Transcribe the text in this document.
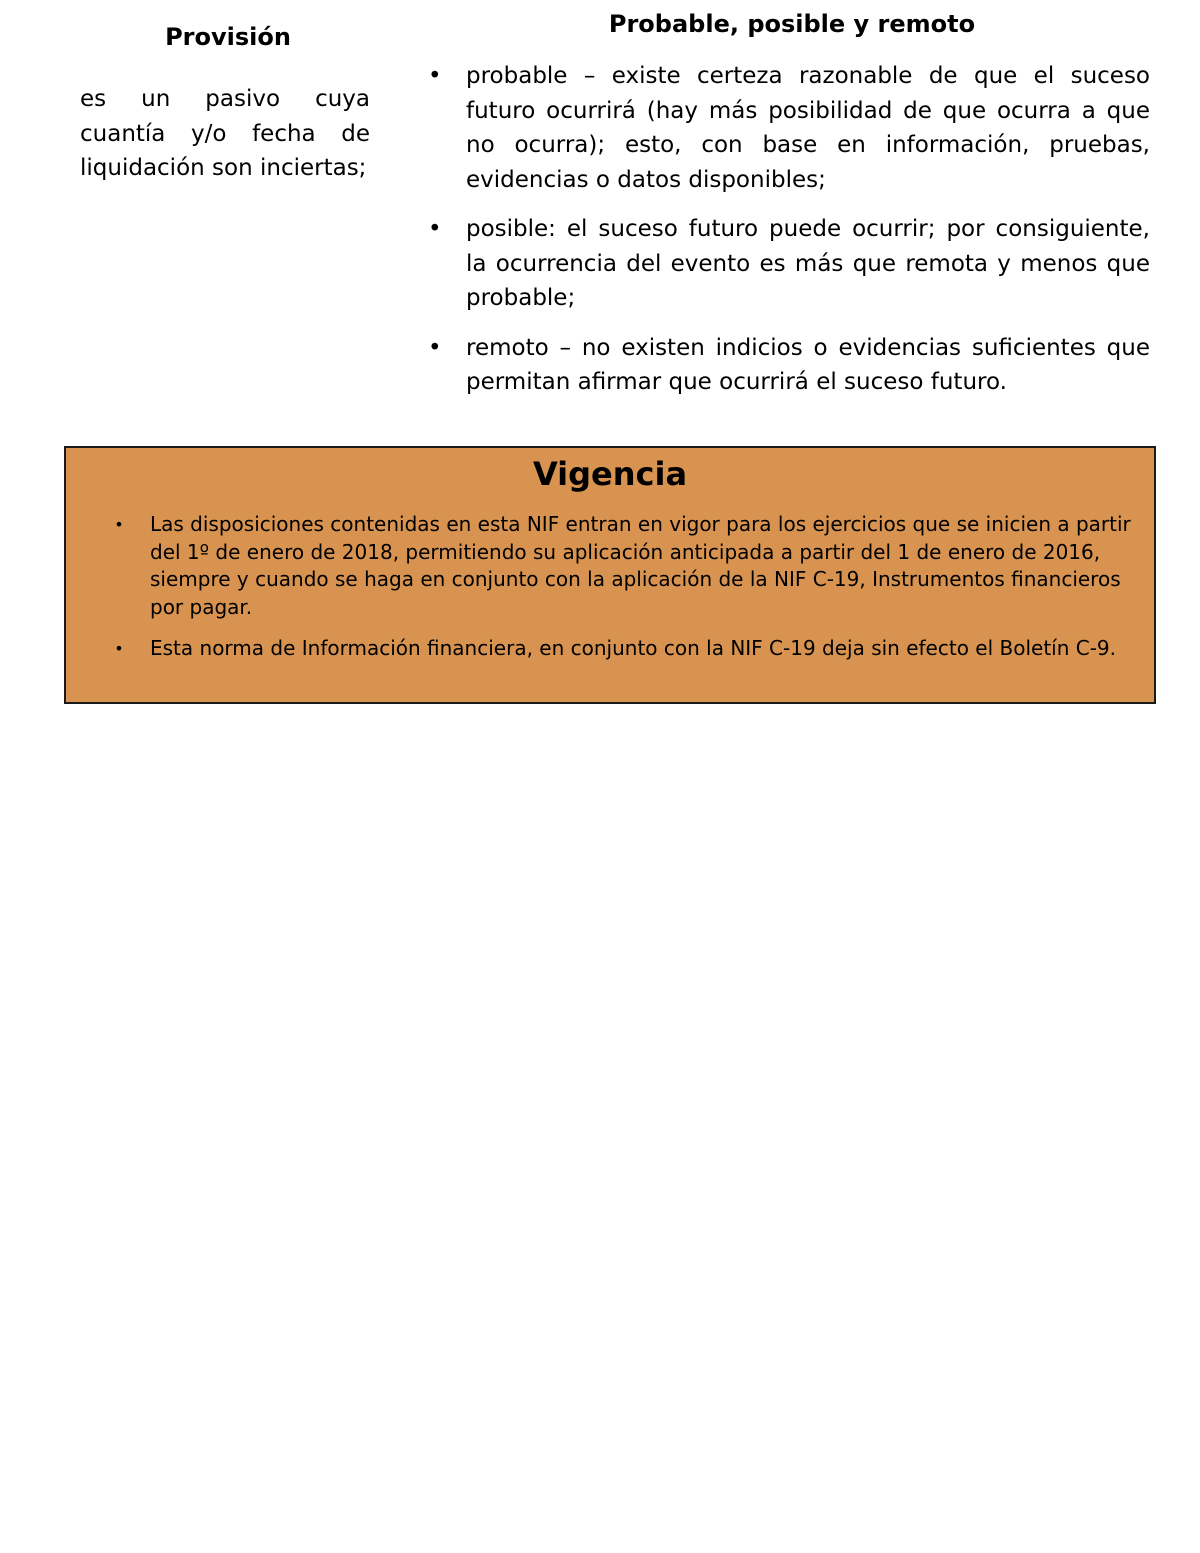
Provisión

es un pasivo cuya cuantía y/o fecha de liquidación son inciertas;

Probable, posible y remoto
• probable – existe certeza razonable de que el suceso futuro ocurrirá (hay más posibilidad de que ocurra a que no ocurra); esto, con base en información, pruebas, evidencias o datos disponibles;
• posible: el suceso futuro puede ocurrir; por consiguiente, la ocurrencia del evento es más que remota y menos que probable;
• remoto – no existen indicios o evidencias suficientes que permitan afirmar que ocurrirá el suceso futuro.
Vigencia
• Las disposiciones contenidas en esta NIF entran en vigor para los ejercicios que se inicien a partir del 1º de enero de 2018, permitiendo su aplicación anticipada a partir del 1 de enero de 2016, siempre y cuando se haga en conjunto con la aplicación de la NIF C-19, Instrumentos financieros por pagar.
• Esta norma de Información financiera, en conjunto con la NIF C-19 deja sin efecto el Boletín C-9.
